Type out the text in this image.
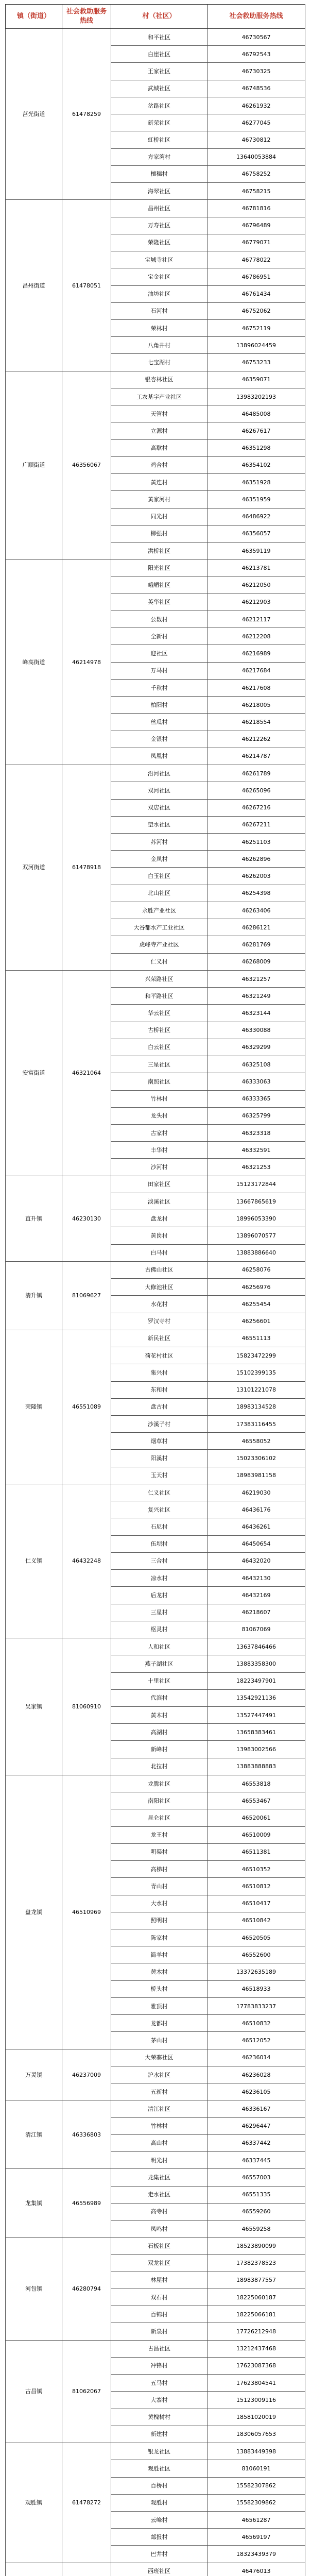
镇（街道）	社会救助服务热线	村（社区）	社会救助服务热线
莒光街道	61478259	和平社区	46730567
		白崖社区	46792543
		王家社区	46730325
		武城社区	46748536
		岔路社区	46261932
		新荣社区	46277045
		虹桥社区	46730812
		方家湾村	13640053884
		檀穗村	46758252
		海翠社区	46758215
昌州街道	61478051	昌州社区	46781816
		万寿社区	46796489
		荣隆社区	46779071
		宝城寺社区	46778022
		宝金社区	46786951
		油坊社区	46761434
		石河村	46752062
		荣林村	46752119
		八角井村	13896024459
		七宝湖村	46753233
广顺街道	46356067	银杏林社区	46359071
		工农基字产业社区	13983202193
		天管村	46485008
		立源村	46267617
		高歇村	46351298
		鸡合村	46354102
		黄连村	46351928
		黄家河村	46351959
		同光村	46486922
		柳强村	46356057
		洪桥社区	46359119
峰高街道	46214978	阳光社区	46213781
		峨嵋社区	46212050
		英华社区	46212903
		公数村	46212117
		全新村	46212208
		迎社区	46216989
		万马村	46217684
		千秋村	46217608
		柏阳村	46218005
		丝瓜村	46218554
		金银村	46212262
		凤凰村	46214787
双河街道	61478918	沿河社区	46261789
		双河社区	46265096
		双店社区	46267216
		望水社区	46267211
		苏河村	46251103
		金凤村	46262896
		白玉社区	46262003
		北山社区	46254398
		永胜产业社区	46263406
		大谷都水产工业社区	46286121
		虎峰寺产业社区	46281769
		仁义村	46268009
安富街道	46321064	兴荣路社区	46321257
		和平路社区	46321249
		华云社区	46323144
		古桥社区	46330088
		白云社区	46329299
		三星社区	46325108
		南照社区	46333063
		竹林村	46333365
		龙头村	46325799
		古家村	46323318
		丰华村	46332591
		沙河村	46321253
直升镇	46230130	田家社区	15123172844
		淡溪社区	13667865619
		盘龙村	18996053390
		黄岗村	13896070577
		白马村	13883886640
清升镇	81069627	古佛山社区	46258076
		大修池社区	46256976
		水花村	46255454
		罗汉寺村	46256601
荣隆镇	46551089	新民社区	46551113
		荷花村社区	15823472299
		集兴村	15102399135
		东和村	13101221078
		盘古村	18983134528
		沙溪子村	17383116455
		烟草村	46558052
		阳溪村	15023306102
		玉天村	18983981158
仁义镇	46432248	仁义社区	46219030
		复兴社区	46436176
		石尼村	46436261
		伍坝村	46450654
		三合村	46432020
		凉水村	46432130
		后龙村	46432169
		三星村	46218607
		枢灵村	81067069
吴家镇	81060910	人和社区	13637846466
		燕子湖社区	13883358300
		十里社区	18223497901
		代滨村	13542921136
		黄木村	13527447491
		高湖村	13658383461
		新峰村	13983002566
		北拉村	13883888883
盘龙镇	46510969	龙腾社区	46553818
		南阳社区	46553467
		昆仑社区	46520061
		龙王村	46510009
		明渠村	46511381
		高梯村	46510352
		青山村	46510812
		大水村	46510417
		照明村	46510842
		陈家村	46520505
		简羊村	46552600
		黄木村	13372635189
		桥头村	46518933
		雅顶村	17783833237
		龙都村	46510832
		茅山村	46512052
万灵镇	46237009	大荣寨社区	46236014
		沪水社区	46236028
		五新村	46236105
清江镇	46336803	清江社区	46336167
		竹林村	46296447
		高山村	46337442
		明光村	46337445
龙集镇	46556989	龙集社区	46557003
		走水社区	46551335
		高寺村	46559260
		凤鸣村	46559258
河包镇	46280794	石板社区	18523890099
		双龙社区	17382378523
		林屋村	18983877557
		双石村	18225060187
		百锦村	18225066181
		新泉村	17726212948
古昌镇	81062067	古昌社区	13212437468
		冲锋村	17623087368
		五马村	17623804541
		大寨村	15123009116
		黄槐树村	18581020019
		新建村	18306057653
观胜镇	61478272	银龙社区	13883449398
		观胜社区	81060191
		百桥村	15582307862
		观胜村	15582309862
		云峰村	46561287
		邮报村	46569197
		巴井村	18323439379
		西班社区	46476013
